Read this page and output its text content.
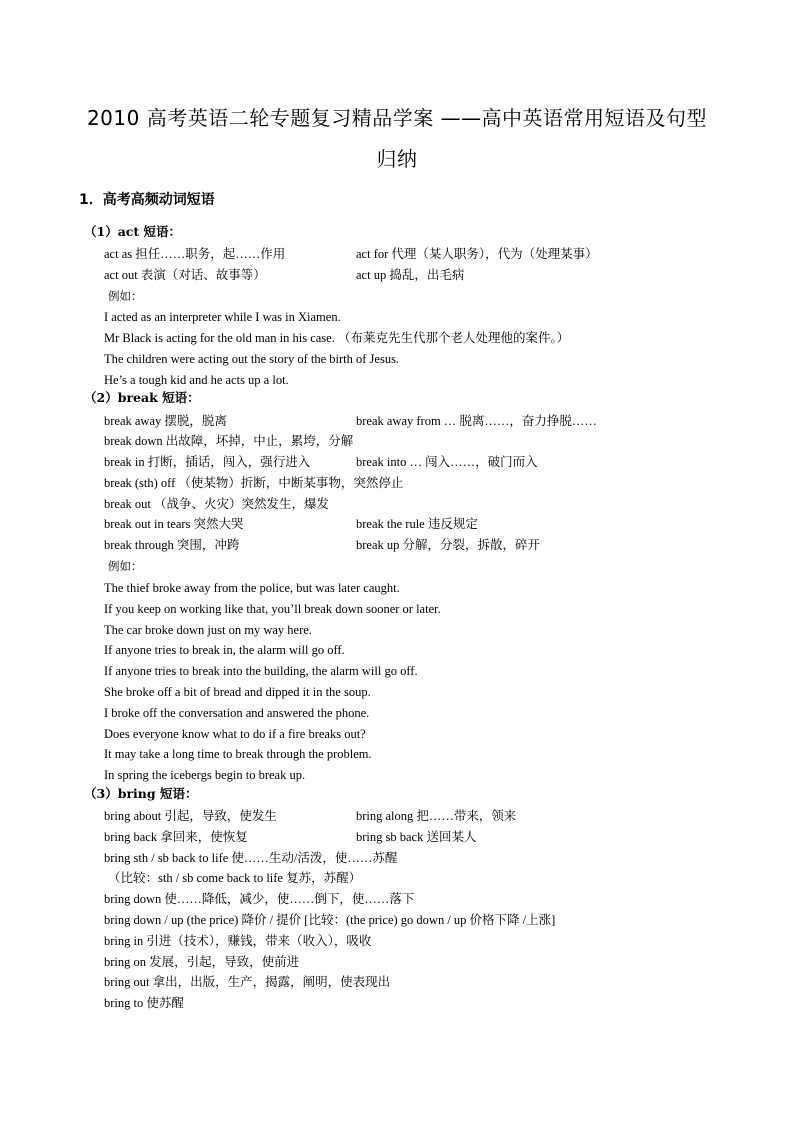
2010 高考英语二轮专题复习精品学案 ——高中英语常用短语及句型
归纳
1．高考高频动词短语
（1）act 短语：
act as 担任……职务，起……作用	act for 代理（某人职务），代为（处理某事）
act out 表演（对话、故事等）	act up 捣乱，出毛病
例如：
I acted as an interpreter while I was in Xiamen.
Mr Black is acting for the old man in his case. （布莱克先生代那个老人处理他的案件。）
The children were acting out the story of the birth of Jesus.
He’s a tough kid and he acts up a lot.
（2）break 短语：
break away 摆脱，脱离	break away from … 脱离……，奋力挣脱……
break down 出故障，坏掉，中止，累垮，分解
break in 打断，插话，闯入，强行进入	break into … 闯入……，破门而入
break (sth) off （使某物）折断，中断某事物，突然停止
break out （战争、火灾）突然发生，爆发
break out in tears 突然大哭	break the rule 违反规定
break through 突围，冲跨	break up 分解，分裂，拆散，碎开
例如：
The thief broke away from the police, but was later caught.
If you keep on working like that, you’ll break down sooner or later.
The car broke down just on my way here.
If anyone tries to break in, the alarm will go off.
If anyone tries to break into the building, the alarm will go off.
She broke off a bit of bread and dipped it in the soup.
I broke off the conversation and answered the phone.
Does everyone know what to do if a fire breaks out?
It may take a long time to break through the problem.
In spring the icebergs begin to break up.
（3）bring 短语：
bring about 引起，导致，使发生	bring along 把……带来，领来
bring back 拿回来，使恢复	bring sb back 送回某人
bring sth / sb back to life 使……生动/活泼，使……苏醒
（比较：sth / sb come back to life 复苏，苏醒）
bring down 使……降低，减少，使……倒下，使……落下
bring down / up (the price) 降价 / 提价 [比较：(the price) go down / up 价格下降 /上涨]
bring in 引进（技术），赚钱，带来（收入），吸收
bring on 发展，引起，导致，使前进
bring out 拿出，出版，生产，揭露，阐明，使表现出
bring to 使苏醒
